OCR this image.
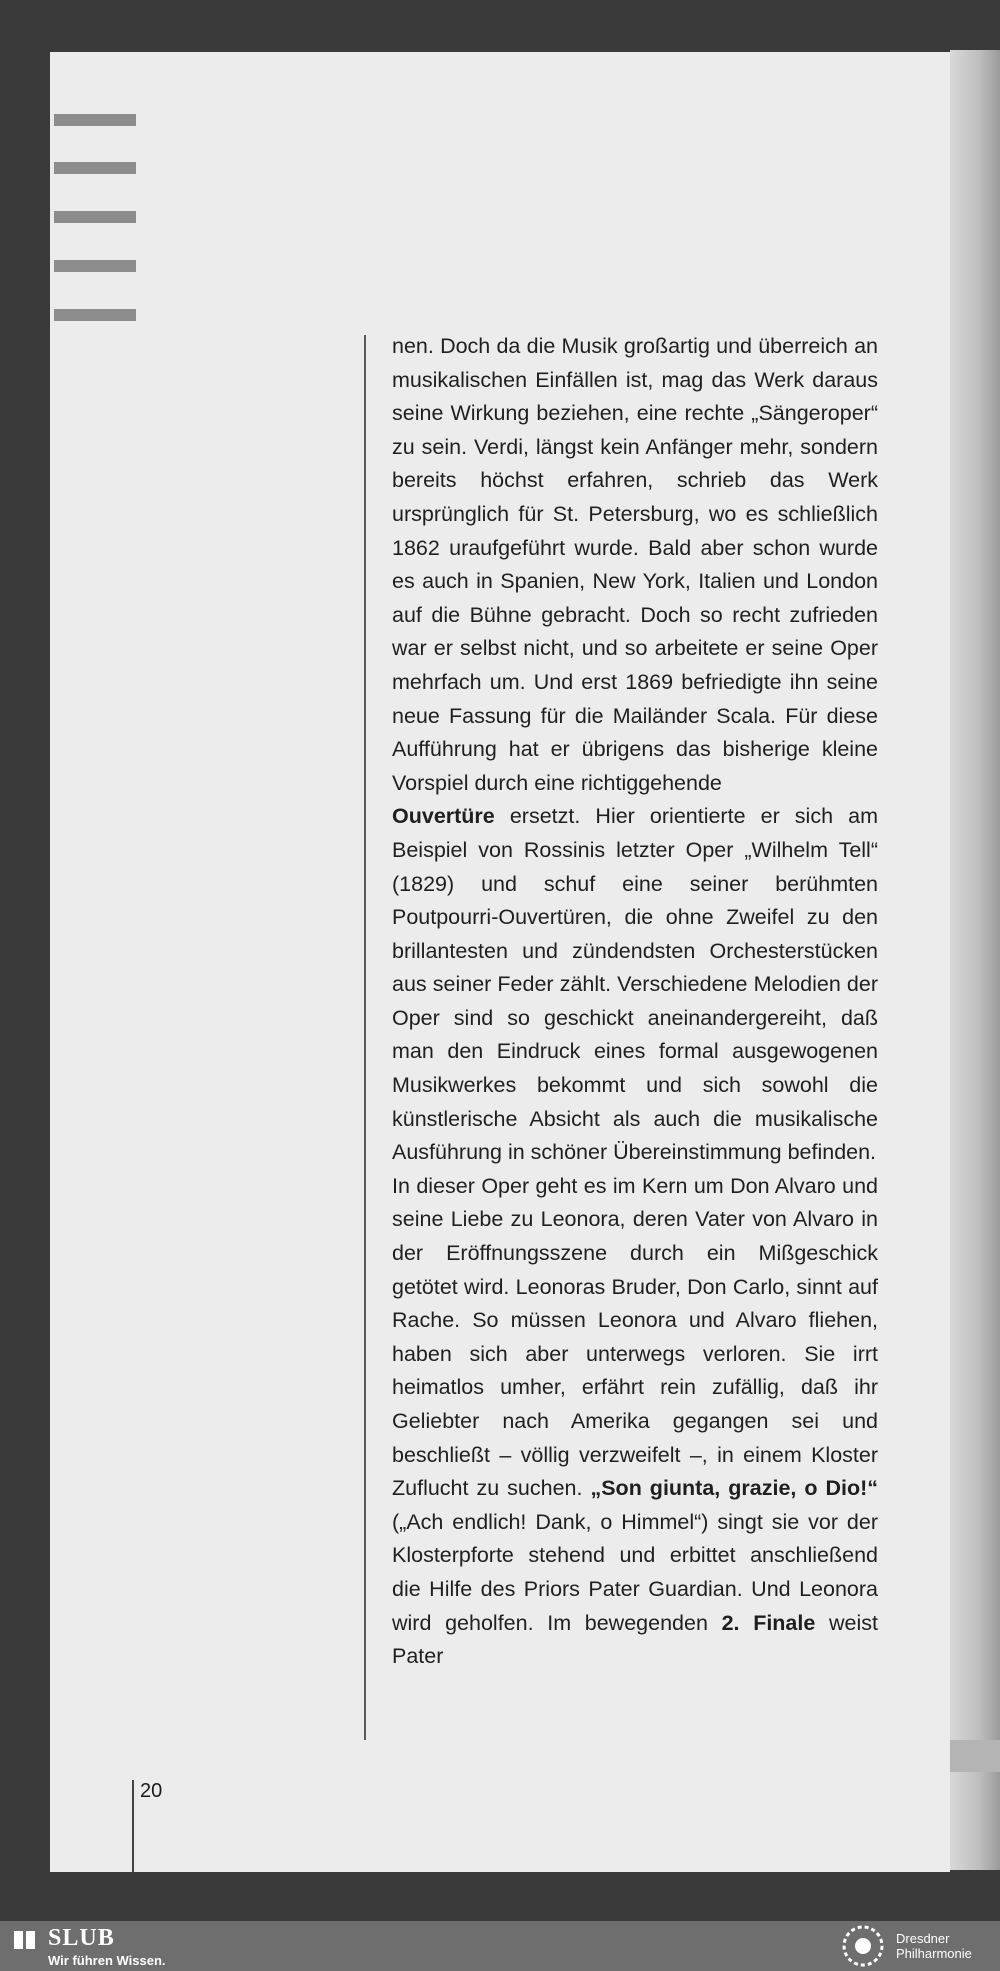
nen. Doch da die Musik großartig und überreich an musikalischen Einfällen ist, mag das Werk daraus seine Wirkung beziehen, eine rechte „Sängeroper“ zu sein. Verdi, längst kein Anfänger mehr, sondern bereits höchst erfahren, schrieb das Werk ursprünglich für St. Petersburg, wo es schließlich 1862 uraufgeführt wurde. Bald aber schon wurde es auch in Spanien, New York, Italien und London auf die Bühne gebracht. Doch so recht zufrieden war er selbst nicht, und so arbeitete er seine Oper mehrfach um. Und erst 1869 befriedigte ihn seine neue Fassung für die Mailänder Scala. Für diese Aufführung hat er übrigens das bisherige kleine Vorspiel durch eine richtiggehende
Ouvertüre ersetzt. Hier orientierte er sich am Beispiel von Rossinis letzter Oper „Wilhelm Tell“ (1829) und schuf eine seiner berühmten Poutpourri-Ouvertüren, die ohne Zweifel zu den brillantesten und zündendsten Orchesterstücken aus seiner Feder zählt. Verschiedene Melodien der Oper sind so geschickt aneinandergereiht, daß man den Eindruck eines formal ausgewogenen Musikwerkes bekommt und sich sowohl die künstlerische Absicht als auch die musikalische Ausführung in schöner Übereinstimmung befinden.

In dieser Oper geht es im Kern um Don Alvaro und seine Liebe zu Leonora, deren Vater von Alvaro in der Eröffnungsszene durch ein Mißgeschick getötet wird. Leonoras Bruder, Don Carlo, sinnt auf Rache. So müssen Leonora und Alvaro fliehen, haben sich aber unterwegs verloren. Sie irrt heimatlos umher, erfährt rein zufällig, daß ihr Geliebter nach Amerika gegangen sei und beschließt – völlig verzweifelt –, in einem Kloster Zuflucht zu suchen. „Son giunta, grazie, o Dio!“ („Ach endlich! Dank, o Himmel“) singt sie vor der Klosterpforte stehend und erbittet anschließend die Hilfe des Priors Pater Guardian. Und Leonora wird geholfen. Im bewegenden 2. Finale weist Pater

20
SLUB
Wir führen Wissen.
Dresdner
Philharmonie
